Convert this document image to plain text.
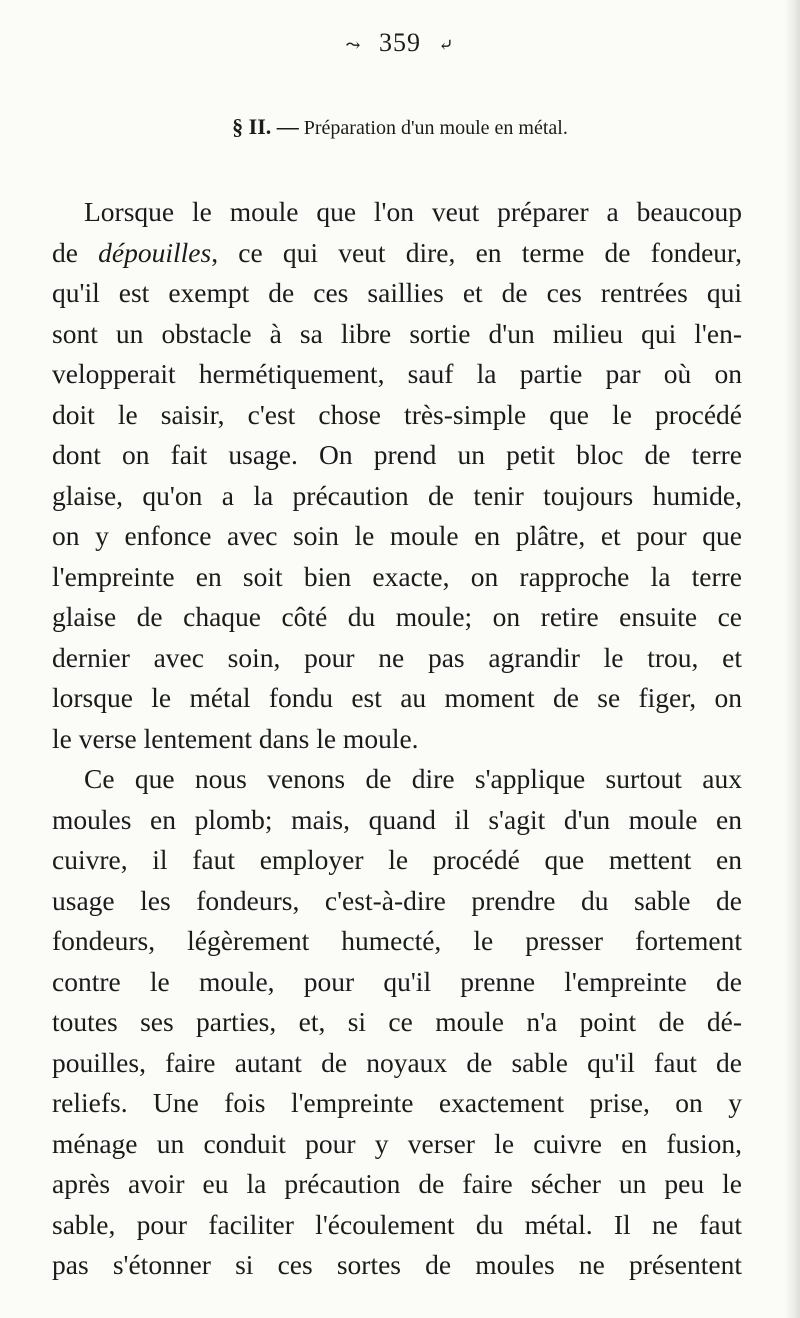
⤳ 359 ⤶
§ II. — Préparation d'un moule en métal.
Lorsque le moule que l'on veut préparer a beaucoup
de dépouilles, ce qui veut dire, en terme de fondeur,
qu'il est exempt de ces saillies et de ces rentrées qui
sont un obstacle à sa libre sortie d'un milieu qui l'en-
velopperait hermétiquement, sauf la partie par où on
doit le saisir, c'est chose très-simple que le procédé
dont on fait usage. On prend un petit bloc de terre
glaise, qu'on a la précaution de tenir toujours humide,
on y enfonce avec soin le moule en plâtre, et pour que
l'empreinte en soit bien exacte, on rapproche la terre
glaise de chaque côté du moule; on retire ensuite ce
dernier avec soin, pour ne pas agrandir le trou, et
lorsque le métal fondu est au moment de se figer, on
le verse lentement dans le moule.
Ce que nous venons de dire s'applique surtout aux
moules en plomb; mais, quand il s'agit d'un moule en
cuivre, il faut employer le procédé que mettent en
usage les fondeurs, c'est-à-dire prendre du sable de
fondeurs, légèrement humecté, le presser fortement
contre le moule, pour qu'il prenne l'empreinte de
toutes ses parties, et, si ce moule n'a point de dé-
pouilles, faire autant de noyaux de sable qu'il faut de
reliefs. Une fois l'empreinte exactement prise, on y
ménage un conduit pour y verser le cuivre en fusion,
après avoir eu la précaution de faire sécher un peu le
sable, pour faciliter l'écoulement du métal. Il ne faut
pas s'étonner si ces sortes de moules ne présentent
